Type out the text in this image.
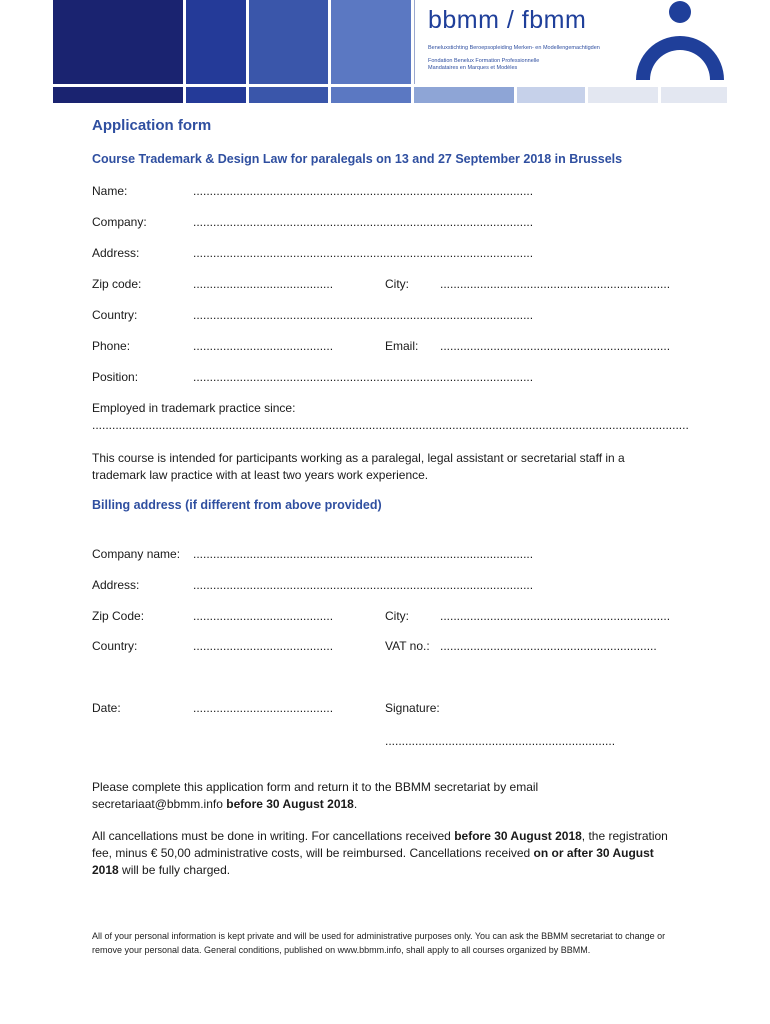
bbmm / fbmm
Beneluxstichting Beroepsopleiding Merken- en Modellengemachtigden
Fondation Benelux Formation Professionnelle Mandataires en Marques et Modèles
Application form
Course Trademark & Design Law for paralegals on 13 and 27 September 2018 in Brussels
Name:	......................................................................................................
Company:	......................................................................................................
Address:	......................................................................................................
Zip code:	..........................................	City:	.....................................................................
Country:	......................................................................................................
Phone:	..........................................	Email: .....................................................................
Position:	......................................................................................................
Employed in trademark practice since:
...................................................................................................................................................................................
This course is intended for participants working as a paralegal, legal assistant or secretarial staff in a trademark law practice with at least two years work experience.
Billing address (if different from above provided)
Company name: ......................................................................................................
Address:	......................................................................................................
Zip Code:	..........................................	City:	.....................................................................
Country:	..........................................	VAT no.: .................................................................
Date:	..........................................	Signature:
.....................................................................
Please complete this application form and return it to the BBMM secretariat by email secretariaat@bbmm.info before 30 August 2018.
All cancellations must be done in writing. For cancellations received before 30 August 2018, the registration fee, minus € 50,00 administrative costs, will be reimbursed. Cancellations received on or after 30 August 2018 will be fully charged.
All of your personal information is kept private and will be used for administrative purposes only. You can ask the BBMM secretariat to change or remove your personal data. General conditions, published on www.bbmm.info, shall apply to all courses organized by BBMM.
